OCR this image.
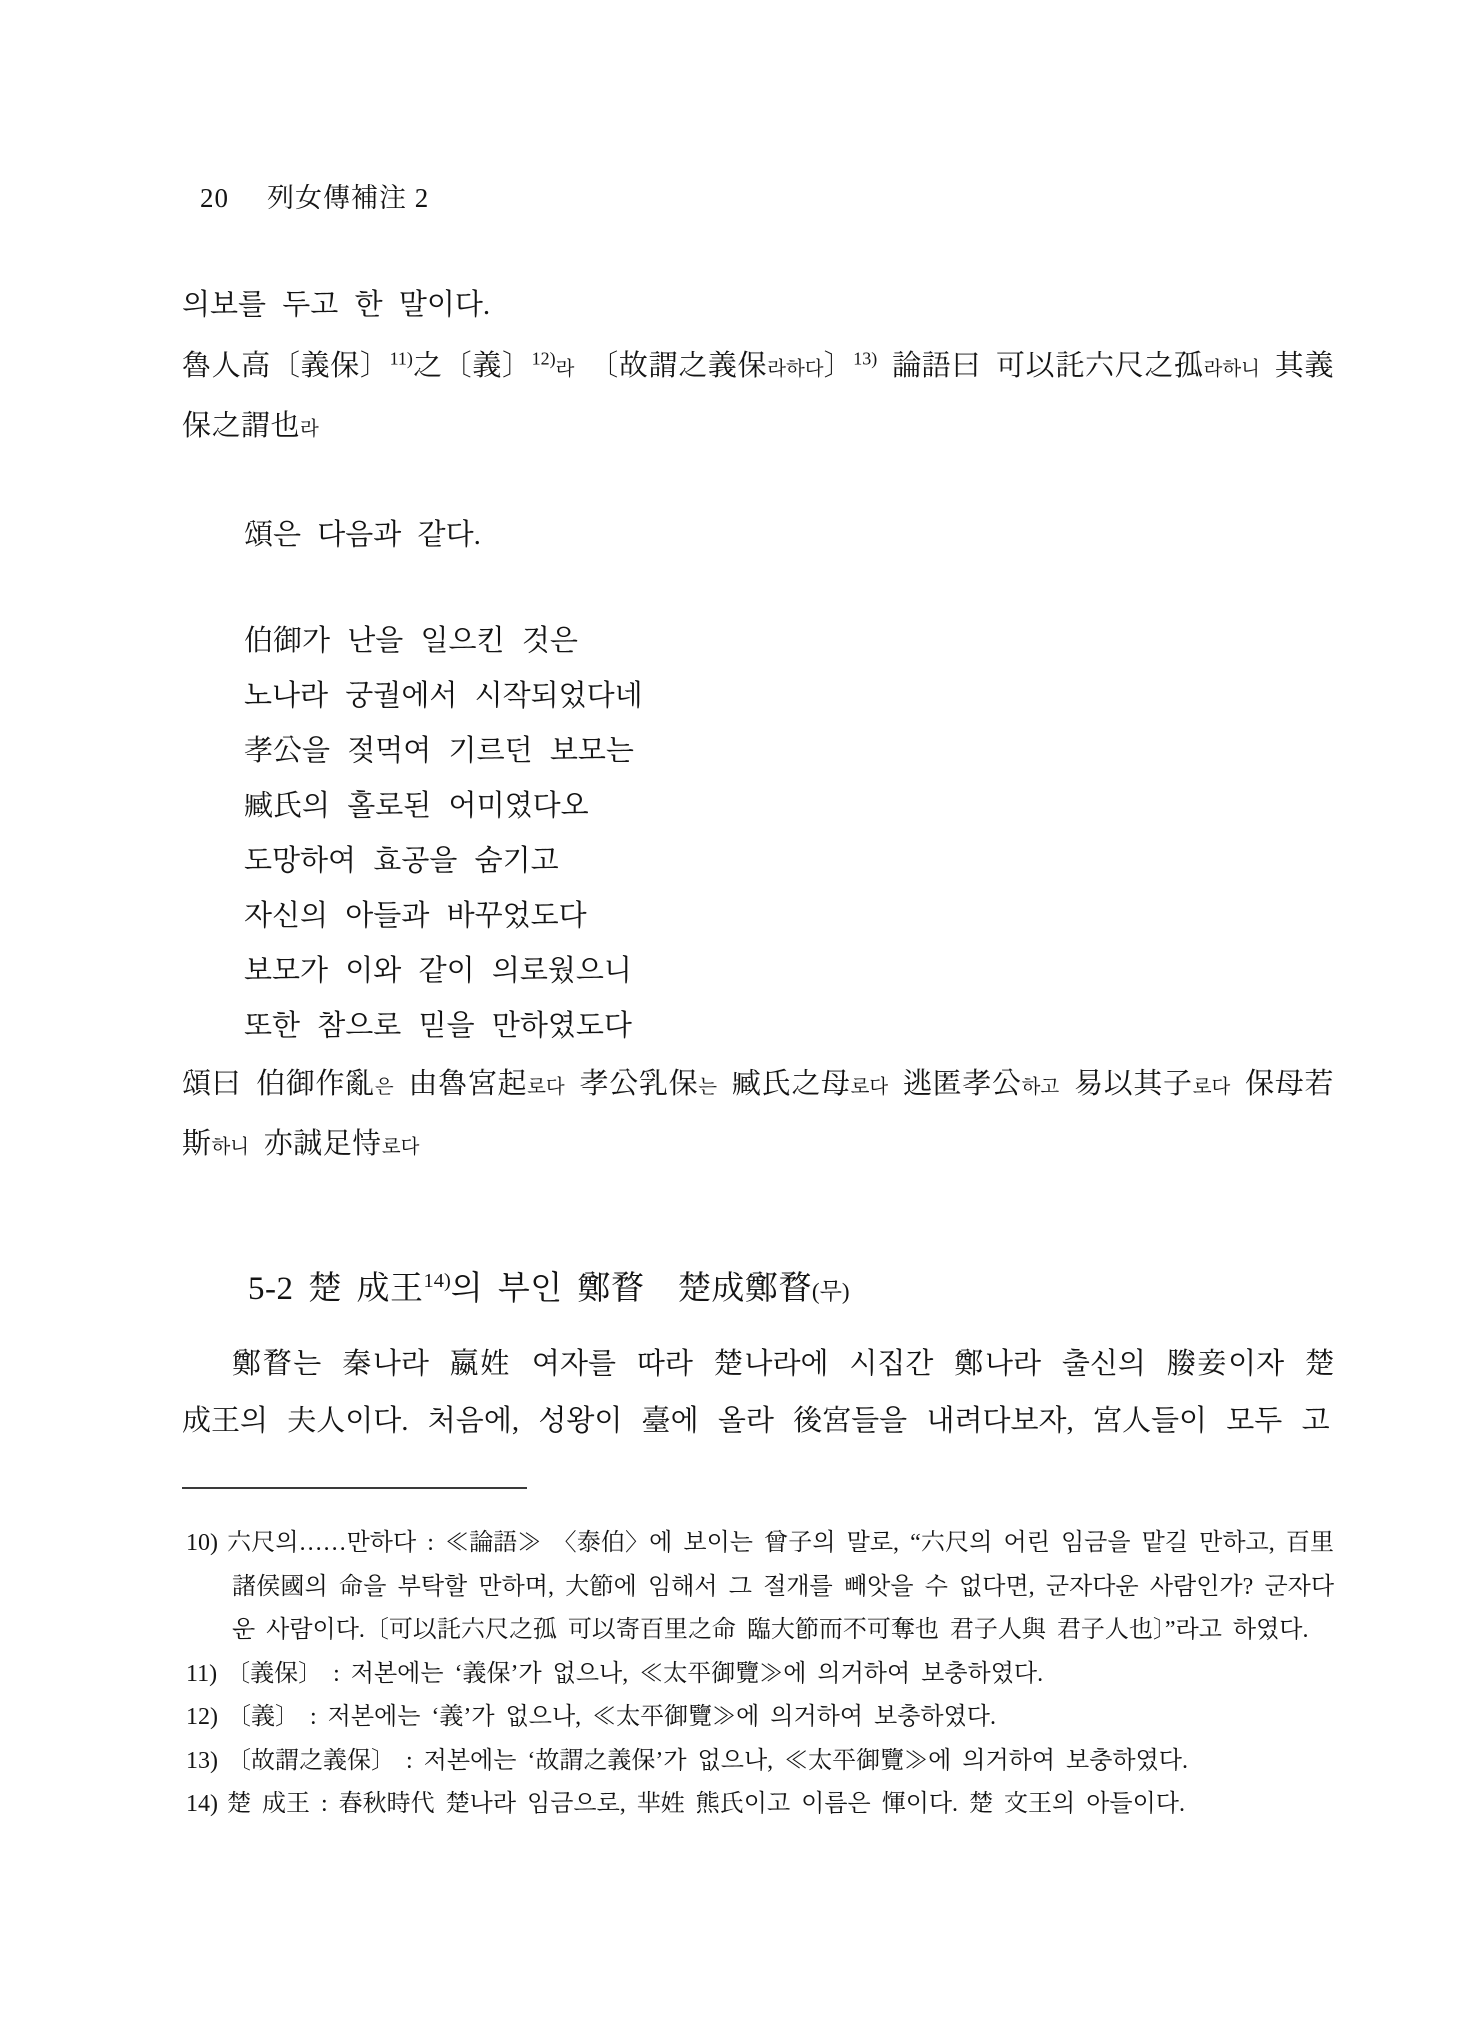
20 列女傳補注 2
의보를 두고 한 말이다.
魯人高〔義保〕$^{11)}$之〔義〕$^{12)}$라 〔故謂之義保라하다〕$^{13)}$ 論語曰 可以託六尺之孤라하니 其義保之謂也라
頌은 다음과 같다.
伯御가 난을 일으킨 것은
노나라 궁궐에서 시작되었다네
孝公을 젖먹여 기르던 보모는
臧氏의 홀로된 어미였다오
도망하여 효공을 숨기고
자신의 아들과 바꾸었도다
보모가 이와 같이 의로웠으니
또한 참으로 믿을 만하였도다
頌曰 伯御作亂은 由魯宮起로다 孝公乳保는 臧氏之母로다 逃匿孝公하고 易以其子로다 保母若斯하니 亦誠足恃로다
5-2 楚 成王$^{14)}$의 부인 鄭瞀　楚成鄭瞀(무)
鄭瞀는 秦나라 嬴姓 여자를 따라 楚나라에 시집간 鄭나라 출신의 媵妾이자 楚 成王의 夫人이다. 처음에, 성왕이 臺에 올라 後宮들을 내려다보자, 宮人들이 모두 고
10) 六尺의……만하다 : ≪論語≫ 〈泰伯〉에 보이는 曾子의 말로, “六尺의 어린 임금을 맡길 만하고, 百里 諸侯國의 命을 부탁할 만하며, 大節에 임해서 그 절개를 빼앗을 수 없다면, 군자다운 사람인가? 군자다운 사람이다.〔可以託六尺之孤 可以寄百里之命 臨大節而不可奪也 君子人與 君子人也〕”라고 하였다.
11) 〔義保〕 : 저본에는 ‘義保’가 없으나, ≪太平御覽≫에 의거하여 보충하였다.
12) 〔義〕 : 저본에는 ‘義’가 없으나, ≪太平御覽≫에 의거하여 보충하였다.
13) 〔故謂之義保〕 : 저본에는 ‘故謂之義保’가 없으나, ≪太平御覽≫에 의거하여 보충하였다.
14) 楚 成王 : 春秋時代 楚나라 임금으로, 芈姓 熊氏이고 이름은 惲이다. 楚 文王의 아들이다.
